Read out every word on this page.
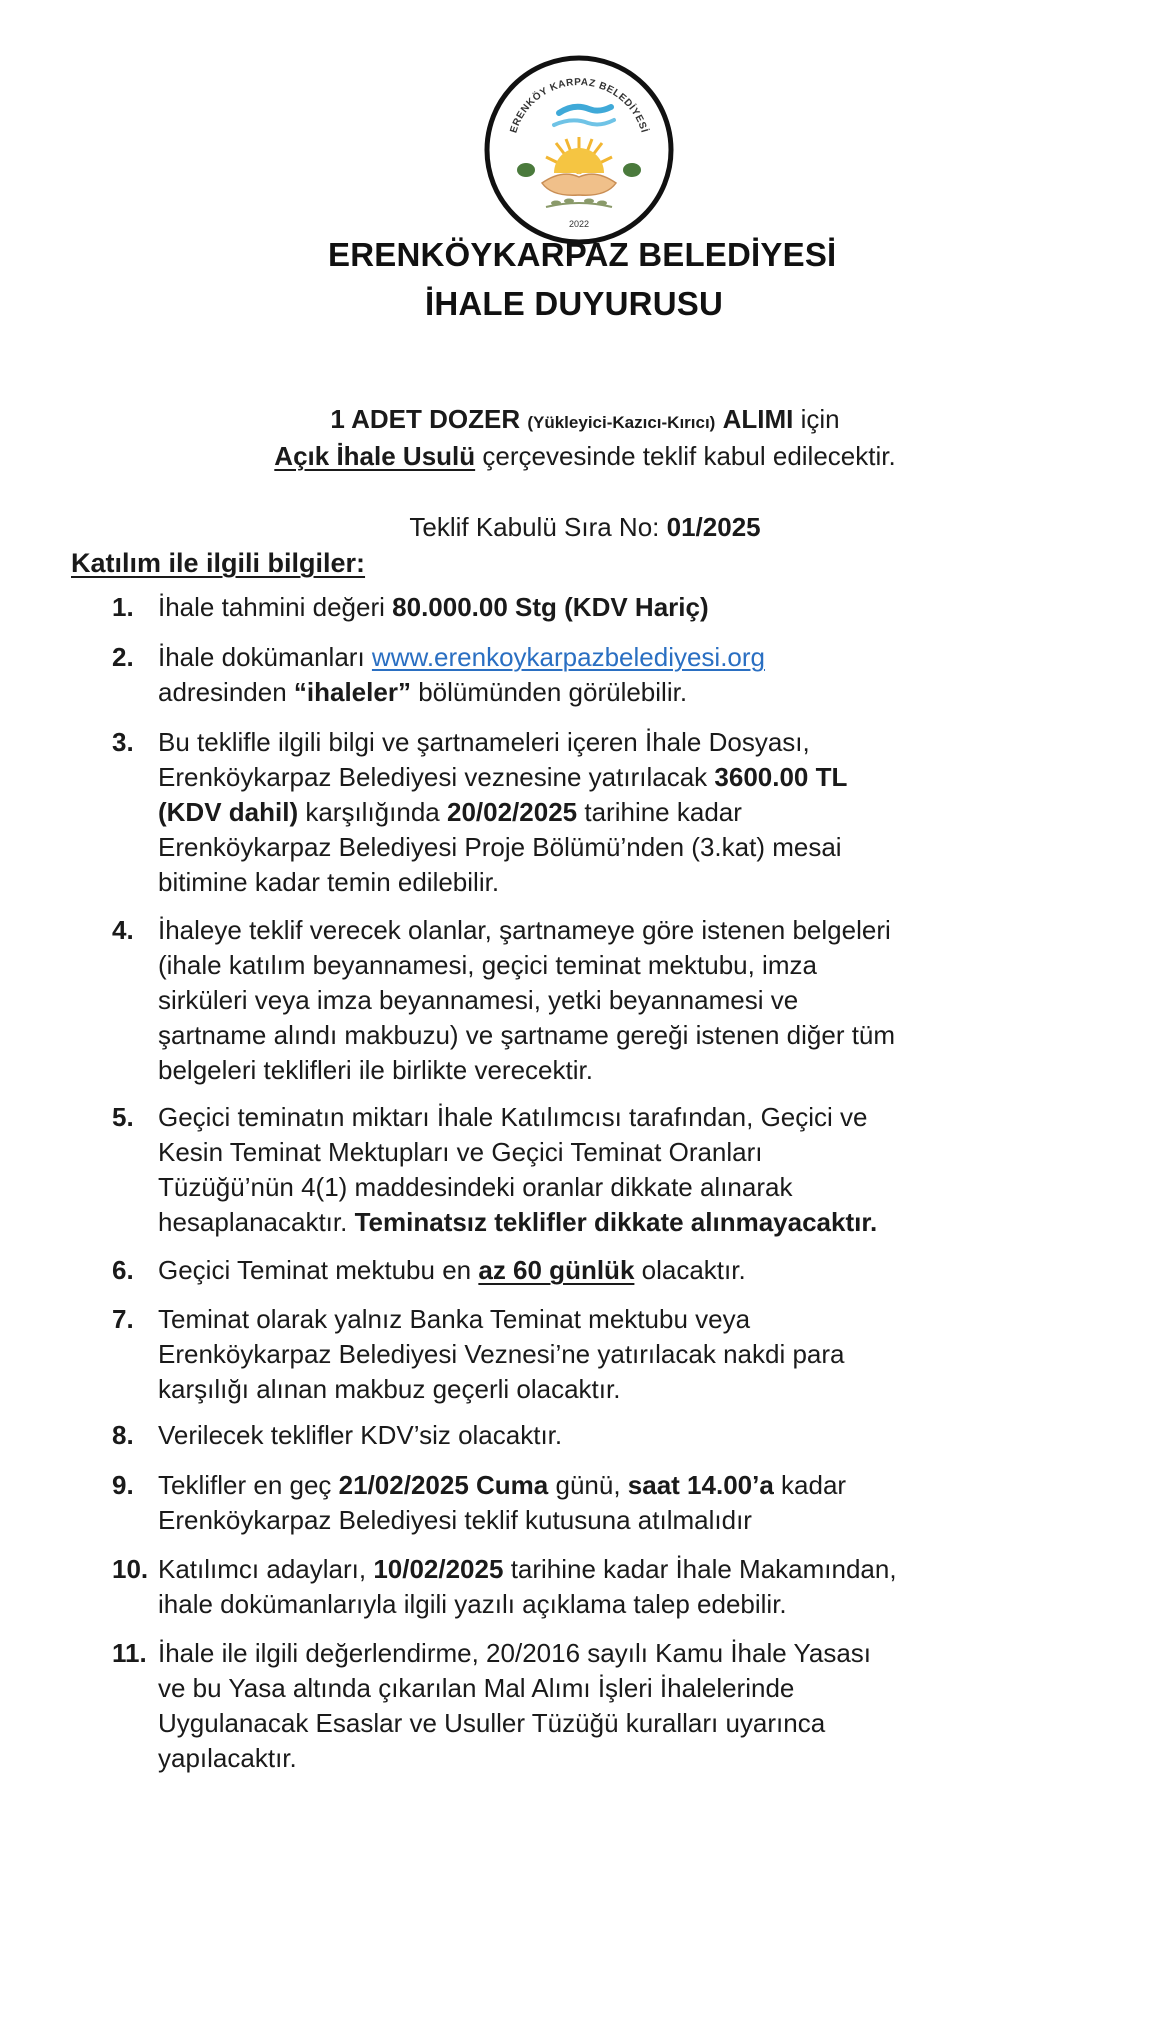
ERENKÖY KARPAZ BELEDİYESİ
2022
ERENKÖYKARPAZ BELEDİYESİ
İHALE DUYURUSU
1 ADET DOZER (Yükleyici-Kazıcı-Kırıcı) ALIMI için
Açık İhale Usulü çerçevesinde teklif kabul edilecektir.
Teklif Kabulü Sıra No: 01/2025
Katılım ile ilgili bilgiler:
1. İhale tahmini değeri 80.000.00 Stg (KDV Hariç)
2. İhale dokümanları www.erenkoykarpazbelediyesi.org
adresinden “ihaleler” bölümünden görülebilir.
3. Bu teklifle ilgili bilgi ve şartnameleri içeren İhale Dosyası,
Erenköykarpaz Belediyesi veznesine yatırılacak 3600.00 TL
(KDV dahil) karşılığında 20/02/2025 tarihine kadar
Erenköykarpaz Belediyesi Proje Bölümü’nden (3.kat) mesai
bitimine kadar temin edilebilir.
4. İhaleye teklif verecek olanlar, şartnameye göre istenen belgeleri
(ihale katılım beyannamesi, geçici teminat mektubu, imza
sirküleri veya imza beyannamesi, yetki beyannamesi ve
şartname alındı makbuzu) ve şartname gereği istenen diğer tüm
belgeleri teklifleri ile birlikte verecektir.
5. Geçici teminatın miktarı İhale Katılımcısı tarafından, Geçici ve
Kesin Teminat Mektupları ve Geçici Teminat Oranları
Tüzüğü’nün 4(1) maddesindeki oranlar dikkate alınarak
hesaplanacaktır. Teminatsız teklifler dikkate alınmayacaktır.
6. Geçici Teminat mektubu en az 60 günlük olacaktır.
7. Teminat olarak yalnız Banka Teminat mektubu veya
Erenköykarpaz Belediyesi Veznesi’ne yatırılacak nakdi para
karşılığı alınan makbuz geçerli olacaktır.
8. Verilecek teklifler KDV’siz olacaktır.
9. Teklifler en geç 21/02/2025 Cuma günü, saat 14.00’a kadar
Erenköykarpaz Belediyesi teklif kutusuna atılmalıdır
10. Katılımcı adayları, 10/02/2025 tarihine kadar İhale Makamından,
ihale dokümanlarıyla ilgili yazılı açıklama talep edebilir.
11. İhale ile ilgili değerlendirme, 20/2016 sayılı Kamu İhale Yasası
ve bu Yasa altında çıkarılan Mal Alımı İşleri İhalelerinde
Uygulanacak Esaslar ve Usuller Tüzüğü kuralları uyarınca
yapılacaktır.
